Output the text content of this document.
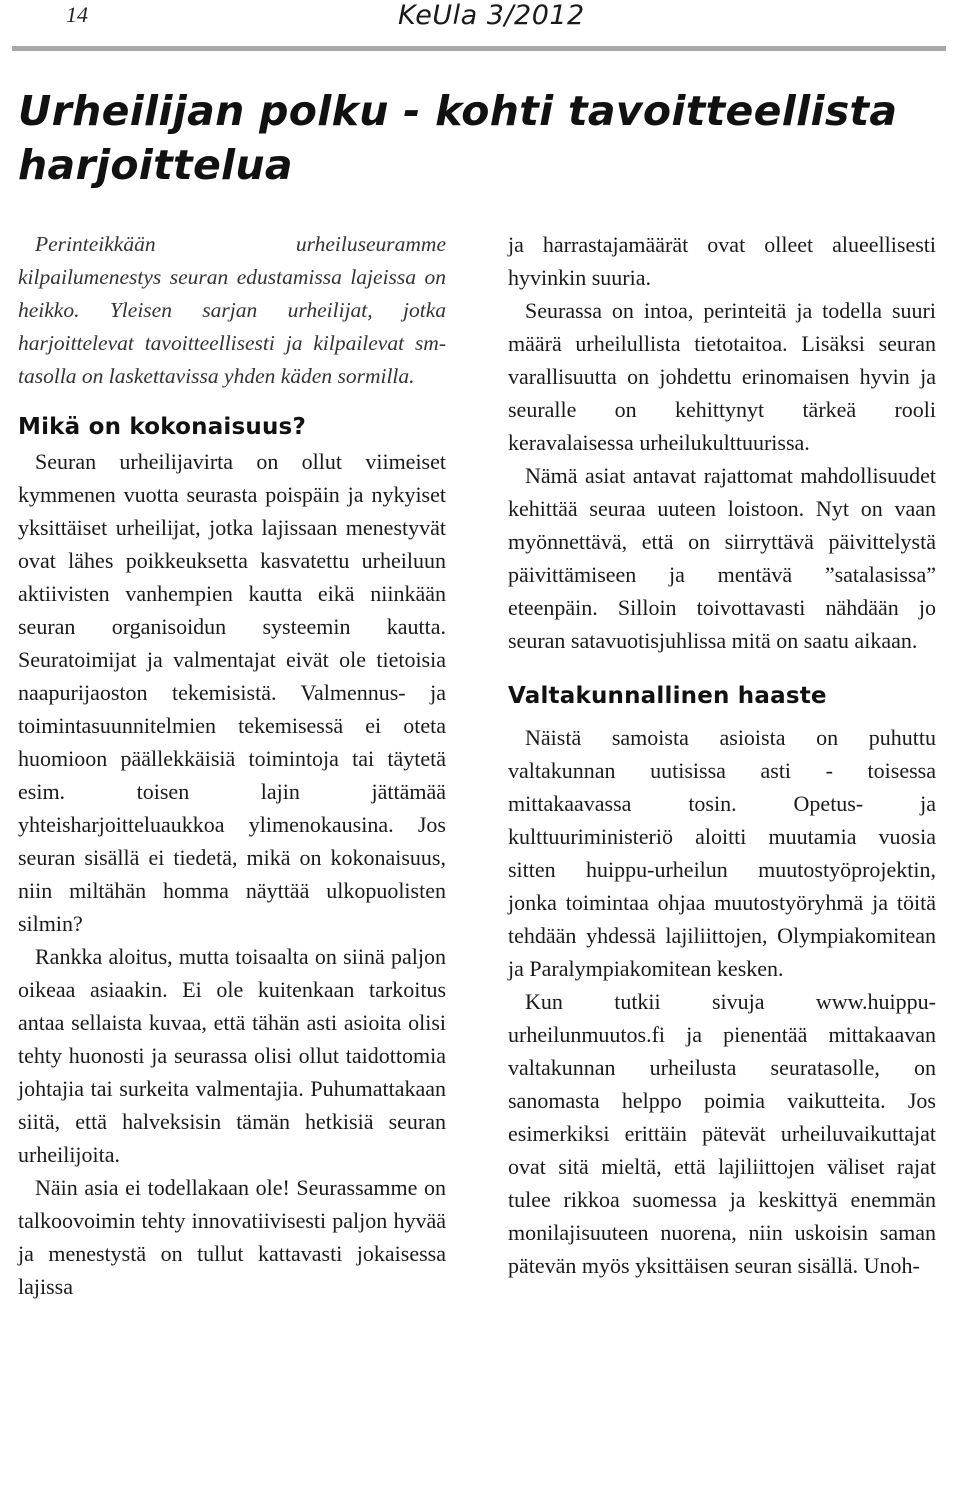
14	KeUla 3/2012
Urheilijan polku - kohti tavoitteellista harjoittelua

Perinteikkään urheiluseuramme kilpailumenestys seuran edustamissa lajeissa on heikko. Yleisen sarjan urheilijat, jotka harjoittelevat tavoitteellisesti ja kilpailevat sm-tasolla on laskettavissa yhden käden sormilla.

Mikä on kokonaisuus?

Seuran urheilijavirta on ollut viimeiset kymmenen vuotta seurasta poispäin ja nykyiset yksittäiset urheilijat, jotka lajissaan menestyvät ovat lähes poikkeuksetta kasvatettu urheiluun aktiivisten vanhempien kautta eikä niinkään seuran organisoidun systeemin kautta. Seuratoimijat ja valmentajat eivät ole tietoisia naapurijaoston tekemisistä. Valmennus- ja toimintasuunnitelmien tekemisessä ei oteta huomioon päällekkäisiä toimintoja tai täytetä esim. toisen lajin jättämää yhteisharjoitteluaukkoa ylimenokausina. Jos seuran sisällä ei tiedetä, mikä on kokonaisuus, niin miltähän homma näyttää ulkopuolisten silmin?

Rankka aloitus, mutta toisaalta on siinä paljon oikeaa asiaakin. Ei ole kuitenkaan tarkoitus antaa sellaista kuvaa, että tähän asti asioita olisi tehty huonosti ja seurassa olisi ollut taidottomia johtajia tai surkeita valmentajia. Puhumattakaan siitä, että halveksisin tämän hetkisiä seuran urheilijoita.

Näin asia ei todellakaan ole! Seurassamme on talkoovoimin tehty innovatiivisesti paljon hyvää ja menestystä on tullut kattavasti jokaisessa lajissa

ja harrastajamäärät ovat olleet alueellisesti hyvinkin suuria.

Seurassa on intoa, perinteitä ja todella suuri määrä urheilullista tietotaitoa. Lisäksi seuran varallisuutta on johdettu erinomaisen hyvin ja seuralle on kehittynyt tärkeä rooli keravalaisessa urheilukulttuurissa.

Nämä asiat antavat rajattomat mahdollisuudet kehittää seuraa uuteen loistoon. Nyt on vaan myönnettävä, että on siirryttävä päivittelystä päivittämiseen ja mentävä ”satalasissa” eteenpäin. Silloin toivottavasti nähdään jo seuran satavuotisjuhlissa mitä on saatu aikaan.

Valtakunnallinen haaste

Näistä samoista asioista on puhuttu valtakunnan uutisissa asti - toisessa mittakaavassa tosin. Opetus- ja kulttuuriministeriö aloitti muutamia vuosia sitten huippu-urheilun muutostyöprojektin, jonka toimintaa ohjaa muutostyöryhmä ja töitä tehdään yhdessä lajiliittojen, Olympiakomitean ja Paralympiakomitean kesken.

Kun tutkii sivuja www.huippu-urheilunmuutos.fi ja pienentää mittakaavan valtakunnan urheilusta seuratasolle, on sanomasta helppo poimia vaikutteita. Jos esimerkiksi erittäin pätevät urheiluvaikuttajat ovat sitä mieltä, että lajiliittojen väliset rajat tulee rikkoa suomessa ja keskittyä enemmän monilajisuuteen nuorena, niin uskoisin saman pätevän myös yksittäisen seuran sisällä. Unoh-
